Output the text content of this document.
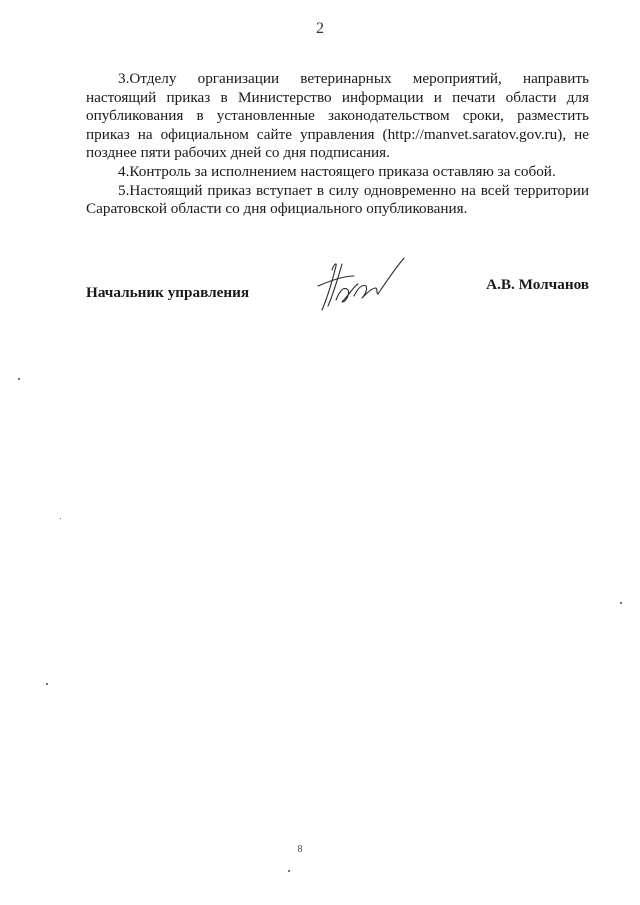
2

3.Отделу организации ветеринарных мероприятий, направить настоящий приказ в Министерство информации и печати области для опубликования в установленные законодательством сроки, разместить приказ на официальном сайте управления (http://manvet.saratov.gov.ru), не позднее пяти рабочих дней со дня подписания.

4.Контроль за исполнением настоящего приказа оставляю за собой.

5.Настоящий приказ вступает в силу одновременно на всей территории Саратовской области со дня официального опубликования.

Начальник управления	А.В. Молчанов
8
